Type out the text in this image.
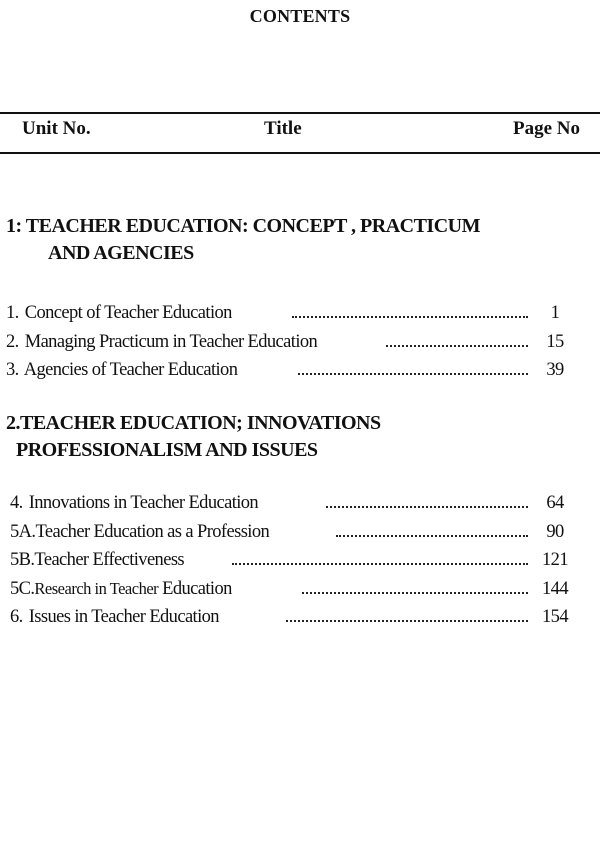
CONTENTS
Unit No.	Title	Page No
1: TEACHER EDUCATION: CONCEPT , PRACTICUM
AND AGENCIES
1. Concept of Teacher Education	1
2. Managing Practicum in Teacher Education	15
3. Agencies of Teacher Education	39
2.TEACHER EDUCATION; INNOVATIONS
PROFESSIONALISM AND ISSUES
4. Innovations in Teacher Education	64
5A.Teacher Education as a Profession	90
5B.Teacher Effectiveness	121
5C.Research in Teacher Education	144
6. Issues in Teacher Education	154
